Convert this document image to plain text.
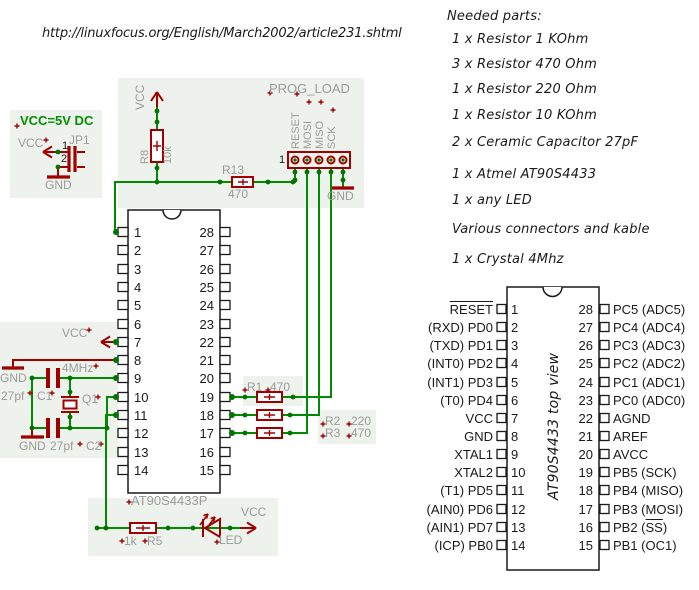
http://linuxfocus.org/English/March2002/article231.shtml
Needed parts:
1 x Resistor 1 KOhm
3 x Resistor 470 Ohm
1 x Resistor 220 Ohm
1 x Resistor 10 KOhm
2 x Ceramic Capacitor 27pF
1 x Atmel AT90S4433
1 x any LED
Various connectors and kable
1 x Crystal 4Mhz
VCC=5V DC
VCC JP1
1
2
GND
VCC
R8 10k
R13
470
PROG_LOAD
RESET MOSI MISO SCK
1
GND
VCC
GND
4MHz
27pf C1 Q1
GND 27pf C2
R1 470
R2 220
R3 470
AT90S4433P
1k R5	LED
VCC
1
2
3
4
5
6
7
8
9
10
11
12
13
14
28
27
26
25
24
23
22
21
20
19
18
17
16
15	AT90S4433 top view
RESET
(RXD) PD0
(TXD) PD1
(INT0) PD2
(INT1) PD3
(T0) PD4
VCC
GND
XTAL1
XTAL2
(T1) PD5
(AIN0) PD6
(AIN1) PD7
(ICP) PB0
1
2
3
4
5
6
7
8
9
10
11
12
13
14
28
27
26
25
24
23
22
21
20
19
18
17
16
15
PC5 (ADC5)
PC4 (ADC4)
PC3 (ADC3)
PC2 (ADC2)
PC1 (ADC1)
PC0 (ADC0)
AGND
AREF
AVCC
PB5 (SCK)
PB4 (MISO)
PB3 (MOSI)
PB2 $(\overline{SS})$
PB1 (OC1)
